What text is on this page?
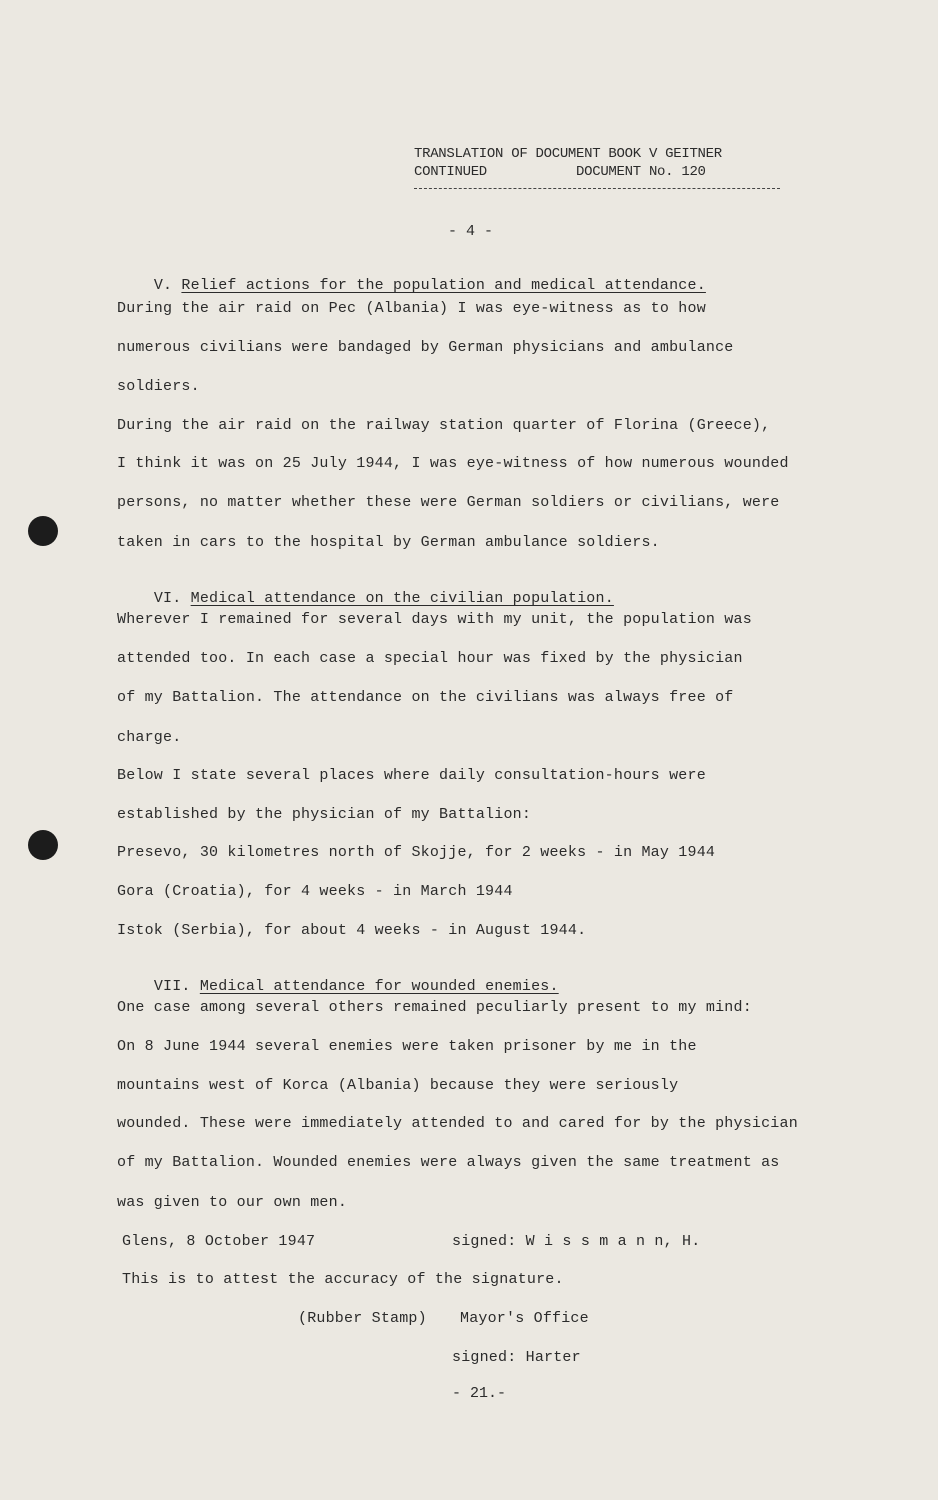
TRANSLATION OF DOCUMENT BOOK V GEITNER
CONTINUED           DOCUMENT No. 120
- 4 -

V. Relief actions for the population and medical attendance.

During the air raid on Pec (Albania) I was eye-witness as to how
numerous civilians were bandaged by German physicians and ambulance
soldiers.
During the air raid on the railway station quarter of Florina (Greece),
I think it was on 25 July 1944, I was eye-witness of how numerous wounded
persons, no matter whether these were German soldiers or civilians, were
taken in cars to the hospital by German ambulance soldiers.

VI. Medical attendance on the civilian population.

Wherever I remained for several days with my unit, the population was
attended too. In each case a special hour was fixed by the physician
of my Battalion. The attendance on the civilians was always free of
charge.
Below I state several places where daily consultation-hours were
established by the physician of my Battalion:
Presevo, 30 kilometres north of Skojje, for 2 weeks - in May 1944
Gora (Croatia), for 4 weeks - in March 1944
Istok (Serbia), for about 4 weeks - in August 1944.

VII. Medical attendance for wounded enemies.

One case among several others remained peculiarly present to my mind:
On 8 June 1944 several enemies were taken prisoner by me in the
mountains west of Korca (Albania) because they were seriously
wounded. These were immediately attended to and cared for by the physician
of my Battalion. Wounded enemies were always given the same treatment as
was given to our own men.
Glens, 8 October 1947	signed: W i s s m a n n, H.
This is to attest the accuracy of the signature.
(Rubber Stamp) Mayor's Office
signed: Harter
- 21.-
